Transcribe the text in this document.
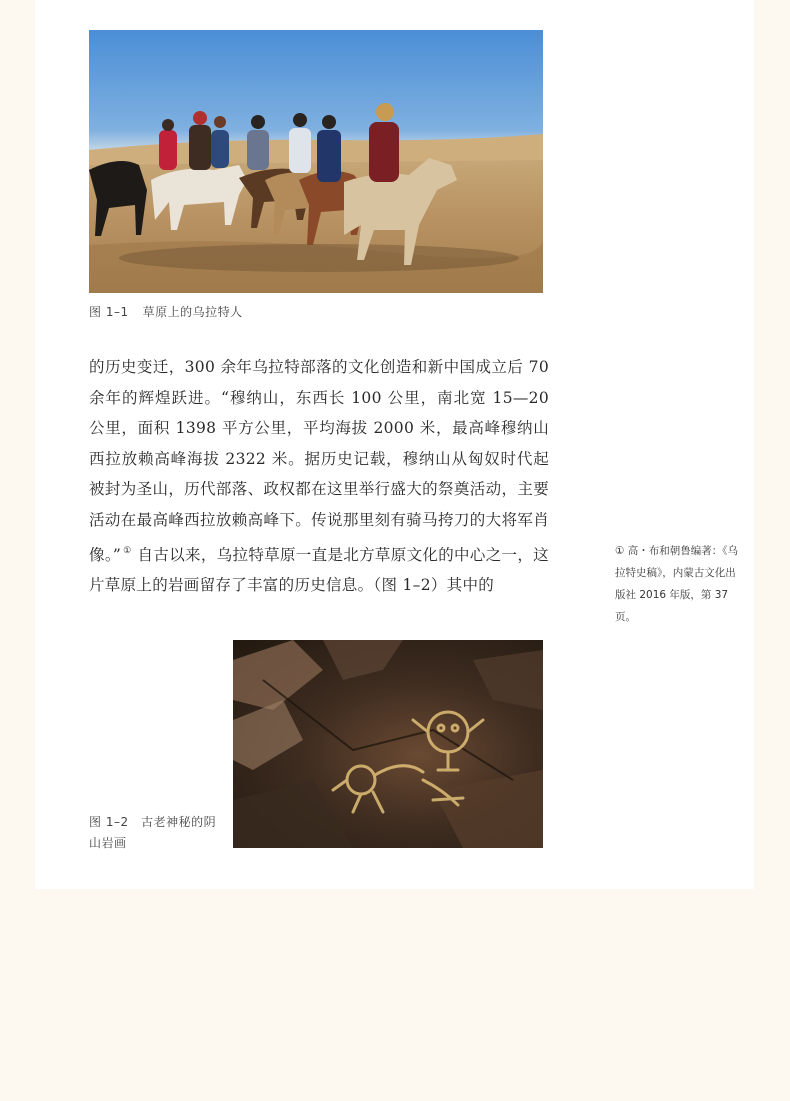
图 1–1 草原上的乌拉特人

的历史变迁，300 余年乌拉特部落的文化创造和新中国成立后 70 余年的辉煌跃进。“穆纳山，东西长 100 公里，南北宽 15—20 公里，面积 1398 平方公里，平均海拔 2000 米，最高峰穆纳山西拉放赖高峰海拔 2322 米。据历史记载，穆纳山从匈奴时代起被封为圣山，历代部落、政权都在这里举行盛大的祭奠活动，主要活动在最高峰西拉放赖高峰下。传说那里刻有骑马挎刀的大将军肖像。” ① 自古以来，乌拉特草原一直是北方草原文化的中心之一，这片草原上的岩画留存了丰富的历史信息。（图 1–2）其中的

① 高・布和朝鲁编著：《乌拉特史稿》，内蒙古文化出版社 2016 年版，第 37 页。
图 1–2　古老神秘的阴山岩画
